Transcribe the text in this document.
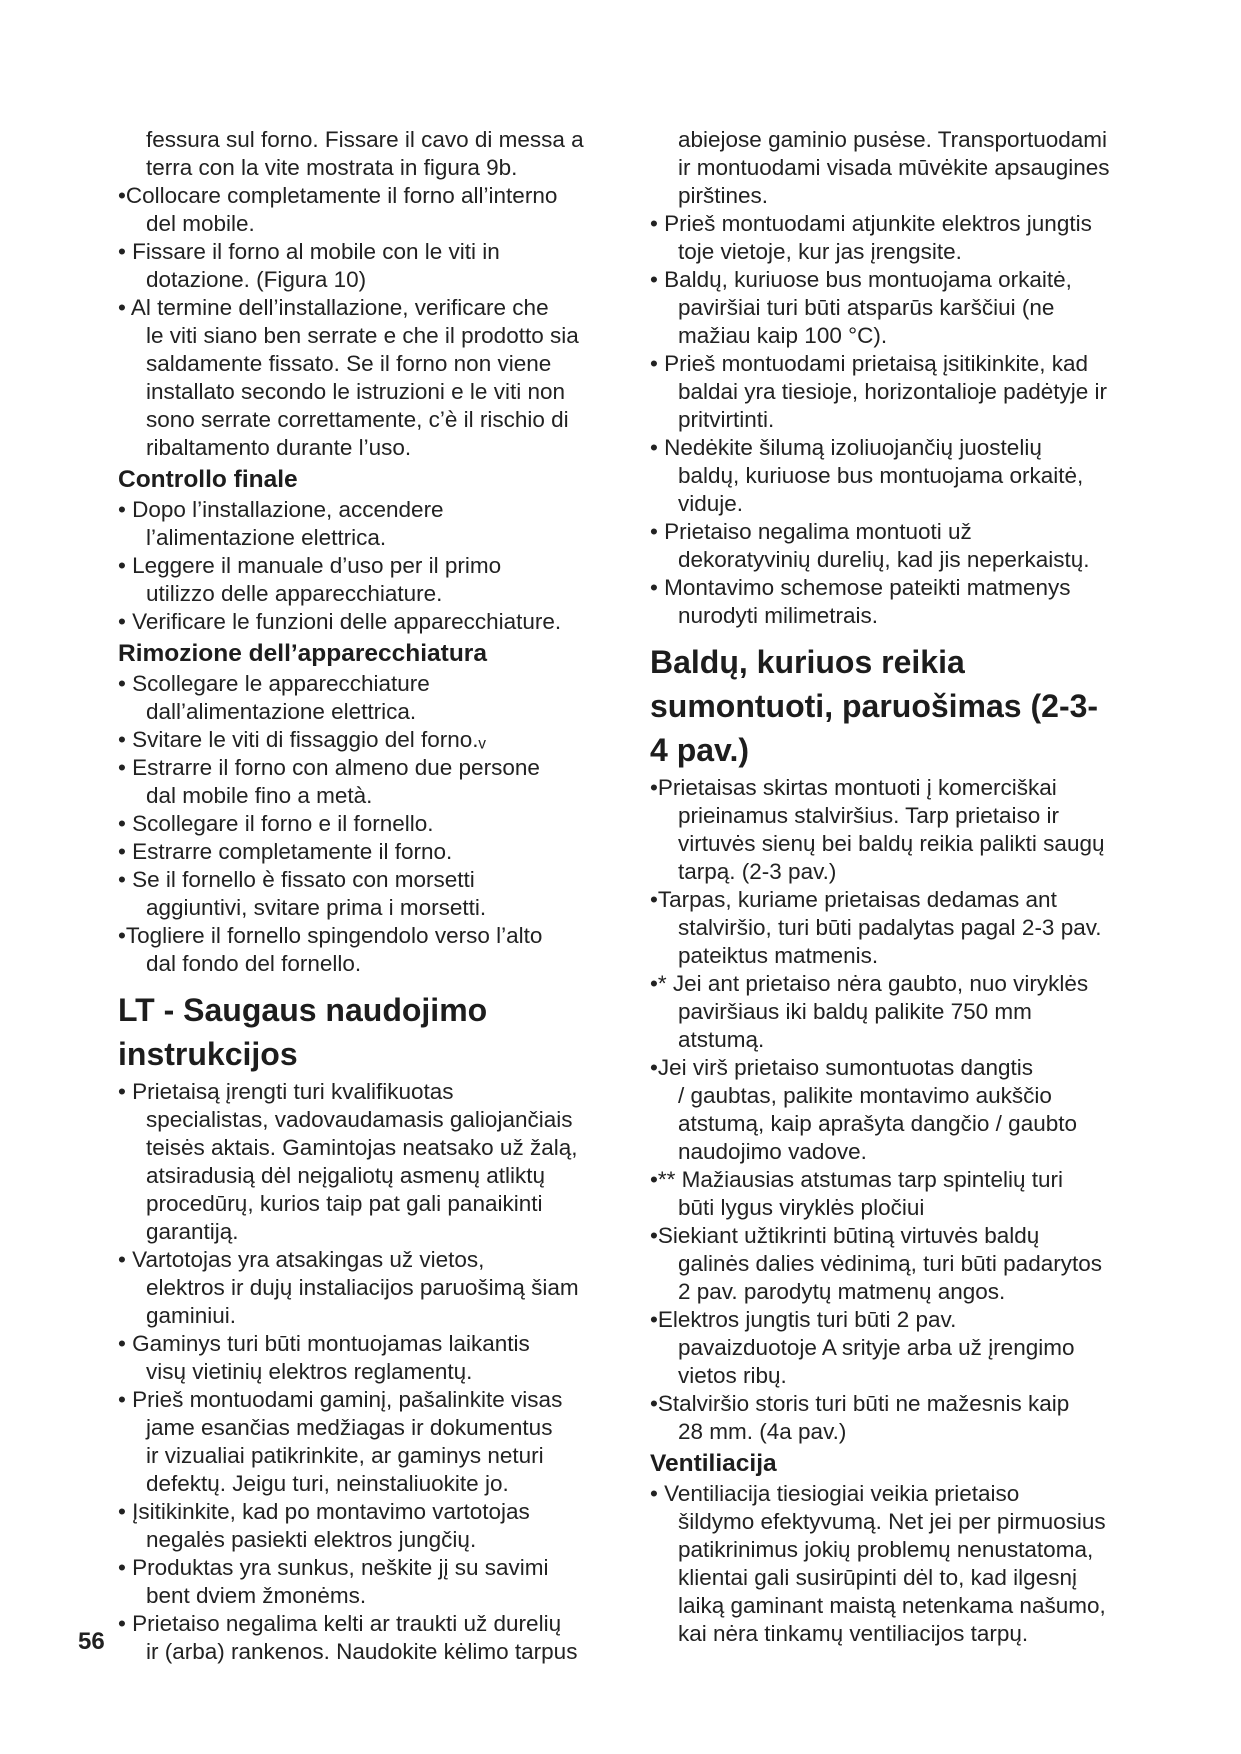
fessura sul forno. Fissare il cavo di messa a
terra con la vite mostrata in figura 9b.
•Collocare completamente il forno all’interno
del mobile.
• Fissare il forno al mobile con le viti in
dotazione. (Figura 10)
• Al termine dell’installazione, verificare che
le viti siano ben serrate e che il prodotto sia
saldamente fissato. Se il forno non viene
installato secondo le istruzioni e le viti non
sono serrate correttamente, c’è il rischio di
ribaltamento durante l’uso.
Controllo finale
• Dopo l’installazione, accendere
l’alimentazione elettrica.
• Leggere il manuale d’uso per il primo
utilizzo delle apparecchiature.
• Verificare le funzioni delle apparecchiature.
Rimozione dell’apparecchiatura
• Scollegare le apparecchiature
dall’alimentazione elettrica.
• Svitare le viti di fissaggio del forno.ᵥ
• Estrarre il forno con almeno due persone
dal mobile fino a metà.
• Scollegare il forno e il fornello.
• Estrarre completamente il forno.
• Se il fornello è fissato con morsetti
aggiuntivi, svitare prima i morsetti.
•Togliere il fornello spingendolo verso l’alto
dal fondo del fornello.
LT - Saugaus naudojimo
instrukcijos
• Prietaisą įrengti turi kvalifikuotas
specialistas, vadovaudamasis galiojančiais
teisės aktais. Gamintojas neatsako už žalą,
atsiradusią dėl neįgaliotų asmenų atliktų
procedūrų, kurios taip pat gali panaikinti
garantiją.
• Vartotojas yra atsakingas už vietos,
elektros ir dujų instaliacijos paruošimą šiam
gaminiui.
• Gaminys turi būti montuojamas laikantis
visų vietinių elektros reglamentų.
• Prieš montuodami gaminį, pašalinkite visas
jame esančias medžiagas ir dokumentus
ir vizualiai patikrinkite, ar gaminys neturi
defektų. Jeigu turi, neinstaliuokite jo.
• Įsitikinkite, kad po montavimo vartotojas
negalės pasiekti elektros jungčių.
• Produktas yra sunkus, neškite jį su savimi
bent dviem žmonėms.
• Prietaiso negalima kelti ar traukti už durelių
ir (arba) rankenos. Naudokite kėlimo tarpus
abiejose gaminio pusėse. Transportuodami
ir montuodami visada mūvėkite apsaugines
pirštines.
• Prieš montuodami atjunkite elektros jungtis
toje vietoje, kur jas įrengsite.
• Baldų, kuriuose bus montuojama orkaitė,
paviršiai turi būti atsparūs karščiui (ne
mažiau kaip 100 °C).
• Prieš montuodami prietaisą įsitikinkite, kad
baldai yra tiesioje, horizontalioje padėtyje ir
pritvirtinti.
• Nedėkite šilumą izoliuojančių juostelių
baldų, kuriuose bus montuojama orkaitė,
viduje.
• Prietaiso negalima montuoti už
dekoratyvinių durelių, kad jis neperkaistų.
• Montavimo schemose pateikti matmenys
nurodyti milimetrais.
Baldų, kuriuos reikia
sumontuoti, paruošimas (2-3-
4 pav.)
•Prietaisas skirtas montuoti į komerciškai
prieinamus stalviršius. Tarp prietaiso ir
virtuvės sienų bei baldų reikia palikti saugų
tarpą. (2-3 pav.)
•Tarpas, kuriame prietaisas dedamas ant
stalviršio, turi būti padalytas pagal 2-3 pav.
pateiktus matmenis.
•* Jei ant prietaiso nėra gaubto, nuo viryklės
paviršiaus iki baldų palikite 750 mm
atstumą.
•Jei virš prietaiso sumontuotas dangtis
/ gaubtas, palikite montavimo aukščio
atstumą, kaip aprašyta dangčio / gaubto
naudojimo vadove.
•** Mažiausias atstumas tarp spintelių turi
būti lygus viryklės pločiui
•Siekiant užtikrinti būtiną virtuvės baldų
galinės dalies vėdinimą, turi būti padarytos
2 pav. parodytų matmenų angos.
•Elektros jungtis turi būti 2 pav.
pavaizduotoje A srityje arba už įrengimo
vietos ribų.
•Stalviršio storis turi būti ne mažesnis kaip
28 mm. (4a pav.)
Ventiliacija
• Ventiliacija tiesiogiai veikia prietaiso
šildymo efektyvumą. Net jei per pirmuosius
patikrinimus jokių problemų nenustatoma,
klientai gali susirūpinti dėl to, kad ilgesnį
laiką gaminant maistą netenkama našumo,
kai nėra tinkamų ventiliacijos tarpų.
56
